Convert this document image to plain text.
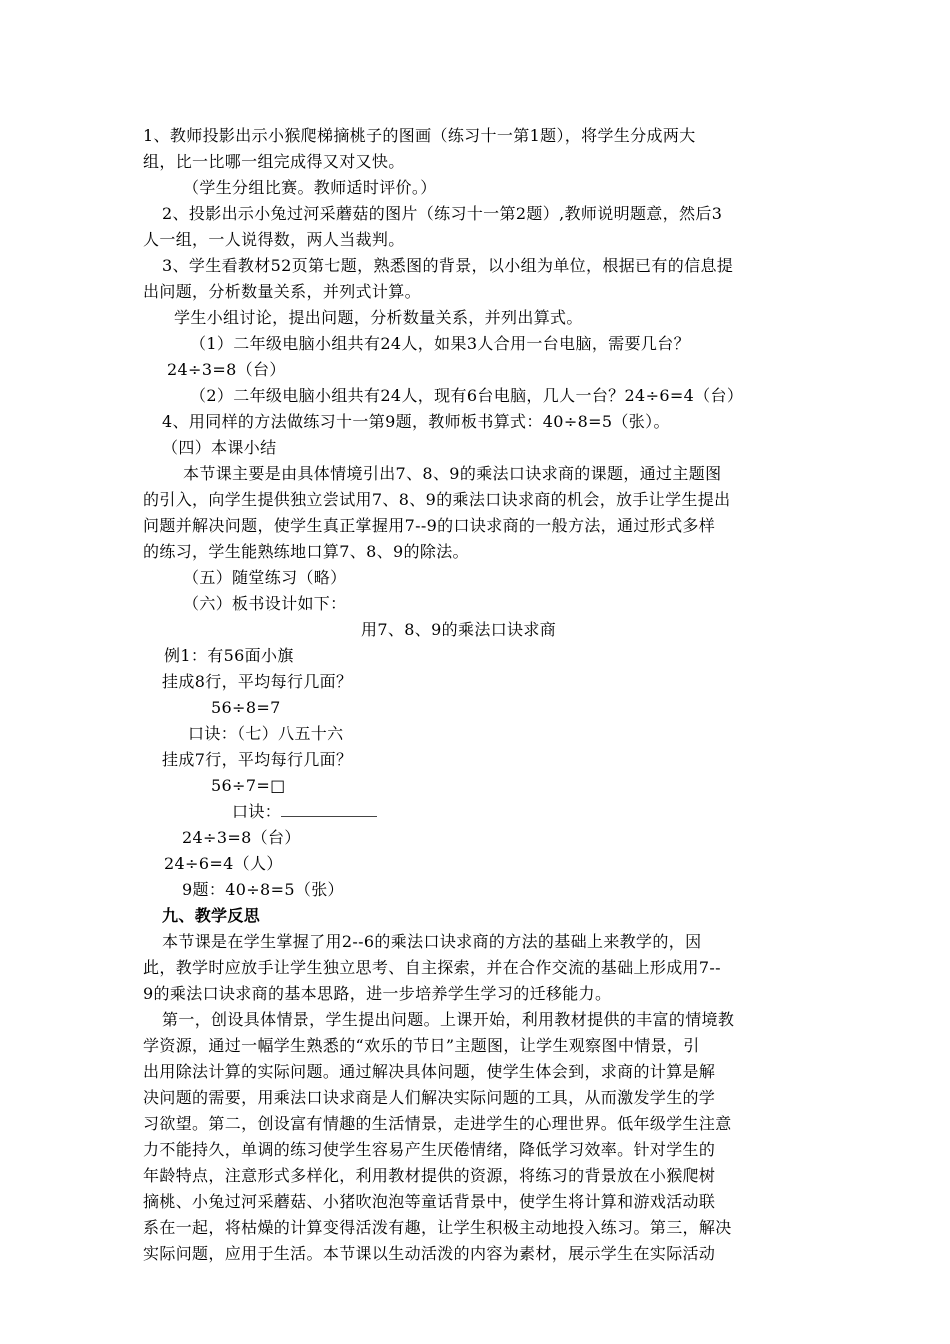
1、教师投影出示小猴爬梯摘桃子的图画（练习十一第1题），将学生分成两大
组，比一比哪一组完成得又对又快。
（学生分组比赛。教师适时评价。）
2、投影出示小兔过河采蘑菇的图片（练习十一第2题）,教师说明题意，然后3
人一组，一人说得数，两人当裁判。
3、学生看教材52页第七题，熟悉图的背景，以小组为单位，根据已有的信息提
出问题，分析数量关系，并列式计算。
学生小组讨论，提出问题，分析数量关系，并列出算式。
（1）二年级电脑小组共有24人，如果3人合用一台电脑，需要几台？
24÷3=8（台）
（2）二年级电脑小组共有24人，现有6台电脑，几人一台？24÷6=4（台）
4、用同样的方法做练习十一第9题，教师板书算式：40÷8=5（张）。
（四）本课小结
本节课主要是由具体情境引出7、8、9的乘法口诀求商的课题，通过主题图
的引入，向学生提供独立尝试用7、8、9的乘法口诀求商的机会，放手让学生提出
问题并解决问题，使学生真正掌握用7--9的口诀求商的一般方法，通过形式多样
的练习，学生能熟练地口算7、8、9的除法。
（五）随堂练习（略）
（六）板书设计如下：
用7、8、9的乘法口诀求商
例1：有56面小旗
挂成8行，平均每行几面？
56÷8=7
口诀：（七）八五十六
挂成7行，平均每行几面？
56÷7=□
口诀：
24÷3=8（台）
24÷6=4（人）
9题：40÷8=5（张）
九、教学反思
本节课是在学生掌握了用2--6的乘法口诀求商的方法的基础上来教学的，因
此，教学时应放手让学生独立思考、自主探索，并在合作交流的基础上形成用7--
9的乘法口诀求商的基本思路，进一步培养学生学习的迁移能力。
第一，创设具体情景，学生提出问题。上课开始，利用教材提供的丰富的情境教
学资源，通过一幅学生熟悉的“欢乐的节日”主题图，让学生观察图中情景，引
出用除法计算的实际问题。通过解决具体问题，使学生体会到，求商的计算是解
决问题的需要，用乘法口诀求商是人们解决实际问题的工具，从而激发学生的学
习欲望。第二，创设富有情趣的生活情景，走进学生的心理世界。低年级学生注意
力不能持久，单调的练习使学生容易产生厌倦情绪，降低学习效率。针对学生的
年龄特点，注意形式多样化，利用教材提供的资源，将练习的背景放在小猴爬树
摘桃、小兔过河采蘑菇、小猪吹泡泡等童话背景中，使学生将计算和游戏活动联
系在一起，将枯燥的计算变得活泼有趣，让学生积极主动地投入练习。第三，解决
实际问题，应用于生活。本节课以生动活泼的内容为素材，展示学生在实际活动
